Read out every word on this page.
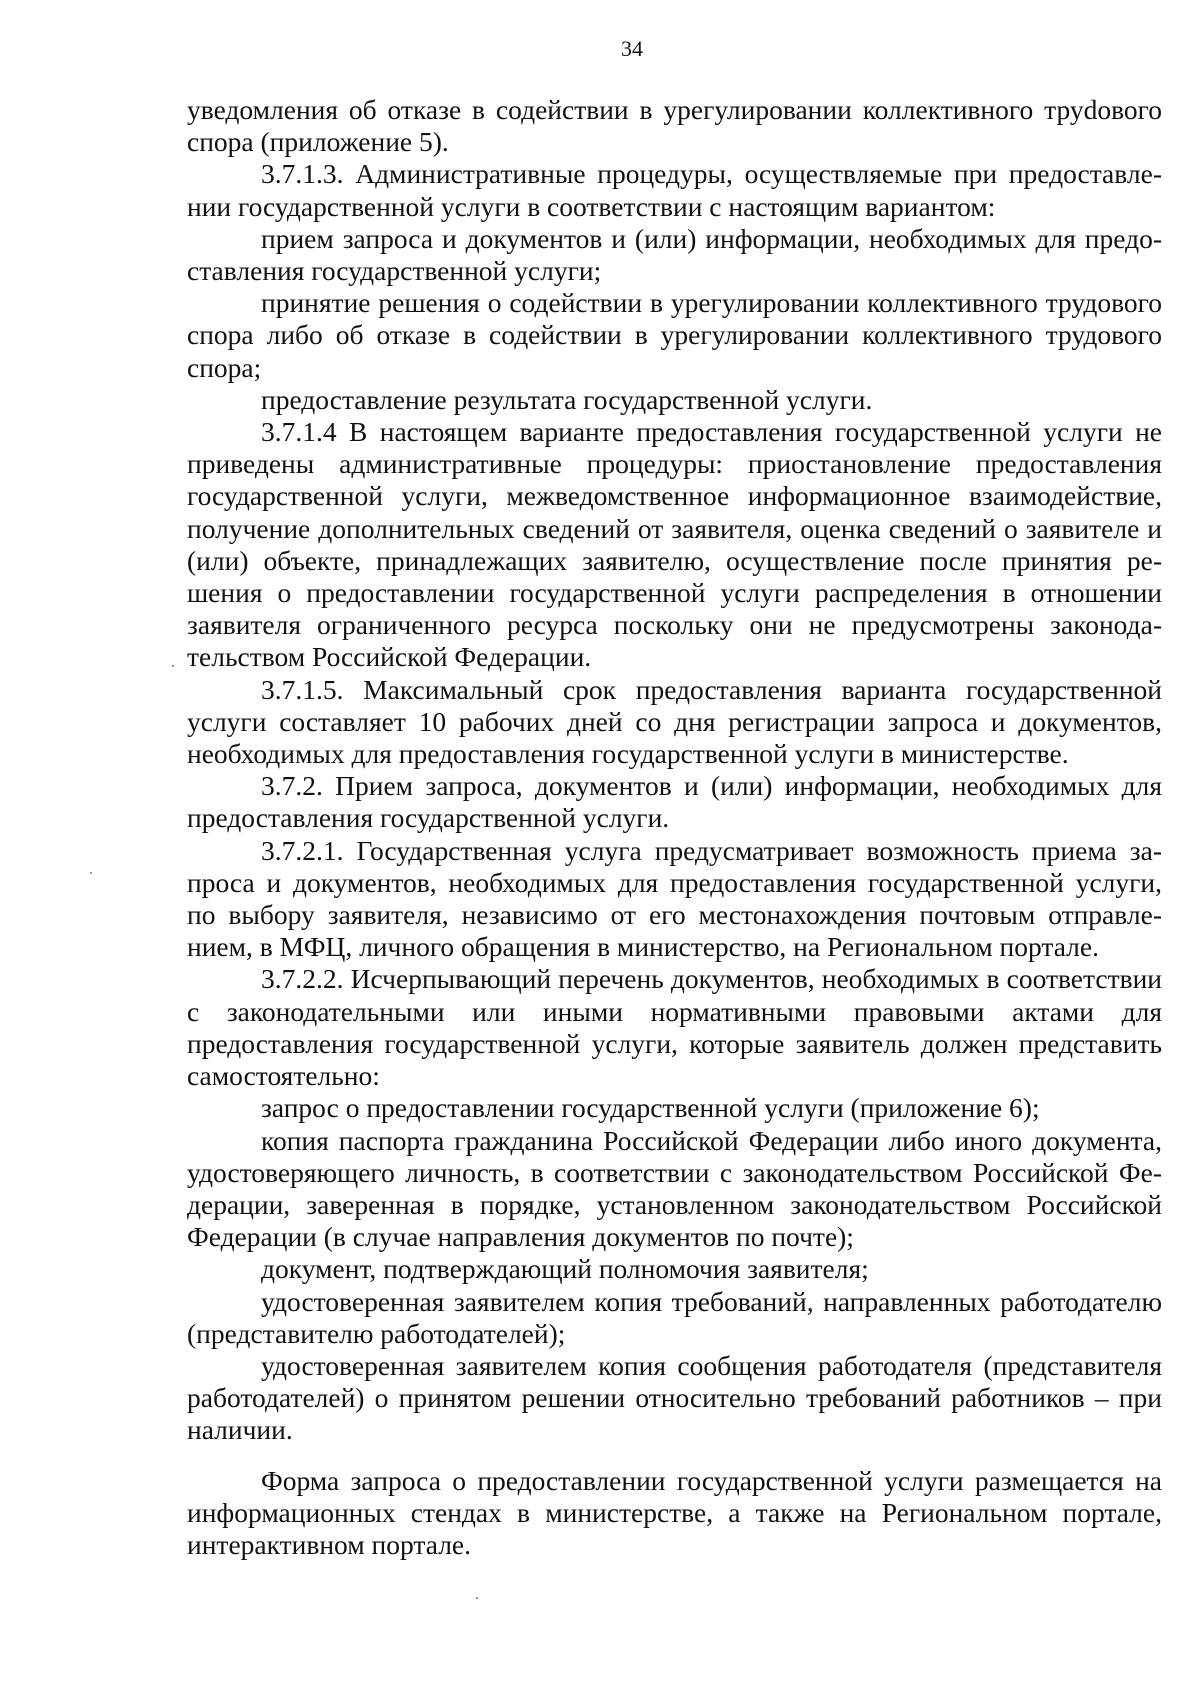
34

уведомления об отказе в содействии в урегулировании коллективного труdового спора (приложение 5).

3.7.1.3. Административные процедуры, осуществляемые при предоставлении государственной услуги в соответствии с настоящим вариантом:

прием запроса и документов и (или) информации, необходимых для предоставления государственной услуги;

принятие решения о содействии в урегулировании коллективного трудового спора либо об отказе в содействии в урегулировании коллективного трудового спора;

предоставление результата государственной услуги.

3.7.1.4 В настоящем варианте предоставления государственной услуги не приведены административные процедуры: приостановление предоставления государственной услуги, межведомственное информационное взаимодействие, получение дополнительных сведений от заявителя, оценка сведений о заявителе и (или) объекте, принадлежащих заявителю, осуществление после принятия решения о предоставлении государственной услуги распределения в отношении заявителя ограниченного ресурса поскольку они не предусмотрены законодательством Российской Федерации.

3.7.1.5. Максимальный срок предоставления варианта государственной услуги составляет 10 рабочих дней со дня регистрации запроса и документов, необходимых для предоставления государственной услуги в министерстве.

3.7.2. Прием запроса, документов и (или) информации, необходимых для предоставления государственной услуги.

3.7.2.1. Государственная услуга предусматривает возможность приема запроса и документов, необходимых для предоставления государственной услуги, по выбору заявителя, независимо от его местонахождения почтовым отправлением, в МФЦ, личного обращения в министерство, на Региональном портале.

3.7.2.2. Исчерпывающий перечень документов, необходимых в соответствии с законодательными или иными нормативными правовыми актами для предоставления государственной услуги, которые заявитель должен представить самостоятельно:

запрос о предоставлении государственной услуги (приложение 6);

копия паспорта гражданина Российской Федерации либо иного документа, удостоверяющего личность, в соответствии с законодательством Российской Федерации, заверенная в порядке, установленном законодательством Российской Федерации (в случае направления документов по почте);

документ, подтверждающий полномочия заявителя;

удостоверенная заявителем копия требований, направленных работодателю (представителю работодателей);

удостоверенная заявителем копия сообщения работодателя (представителя работодателей) о принятом решении относительно требований работников – при наличии.

Форма запроса о предоставлении государственной услуги размещается на информационных стендах в министерстве, а также на Региональном портале, интерактивном портале.
